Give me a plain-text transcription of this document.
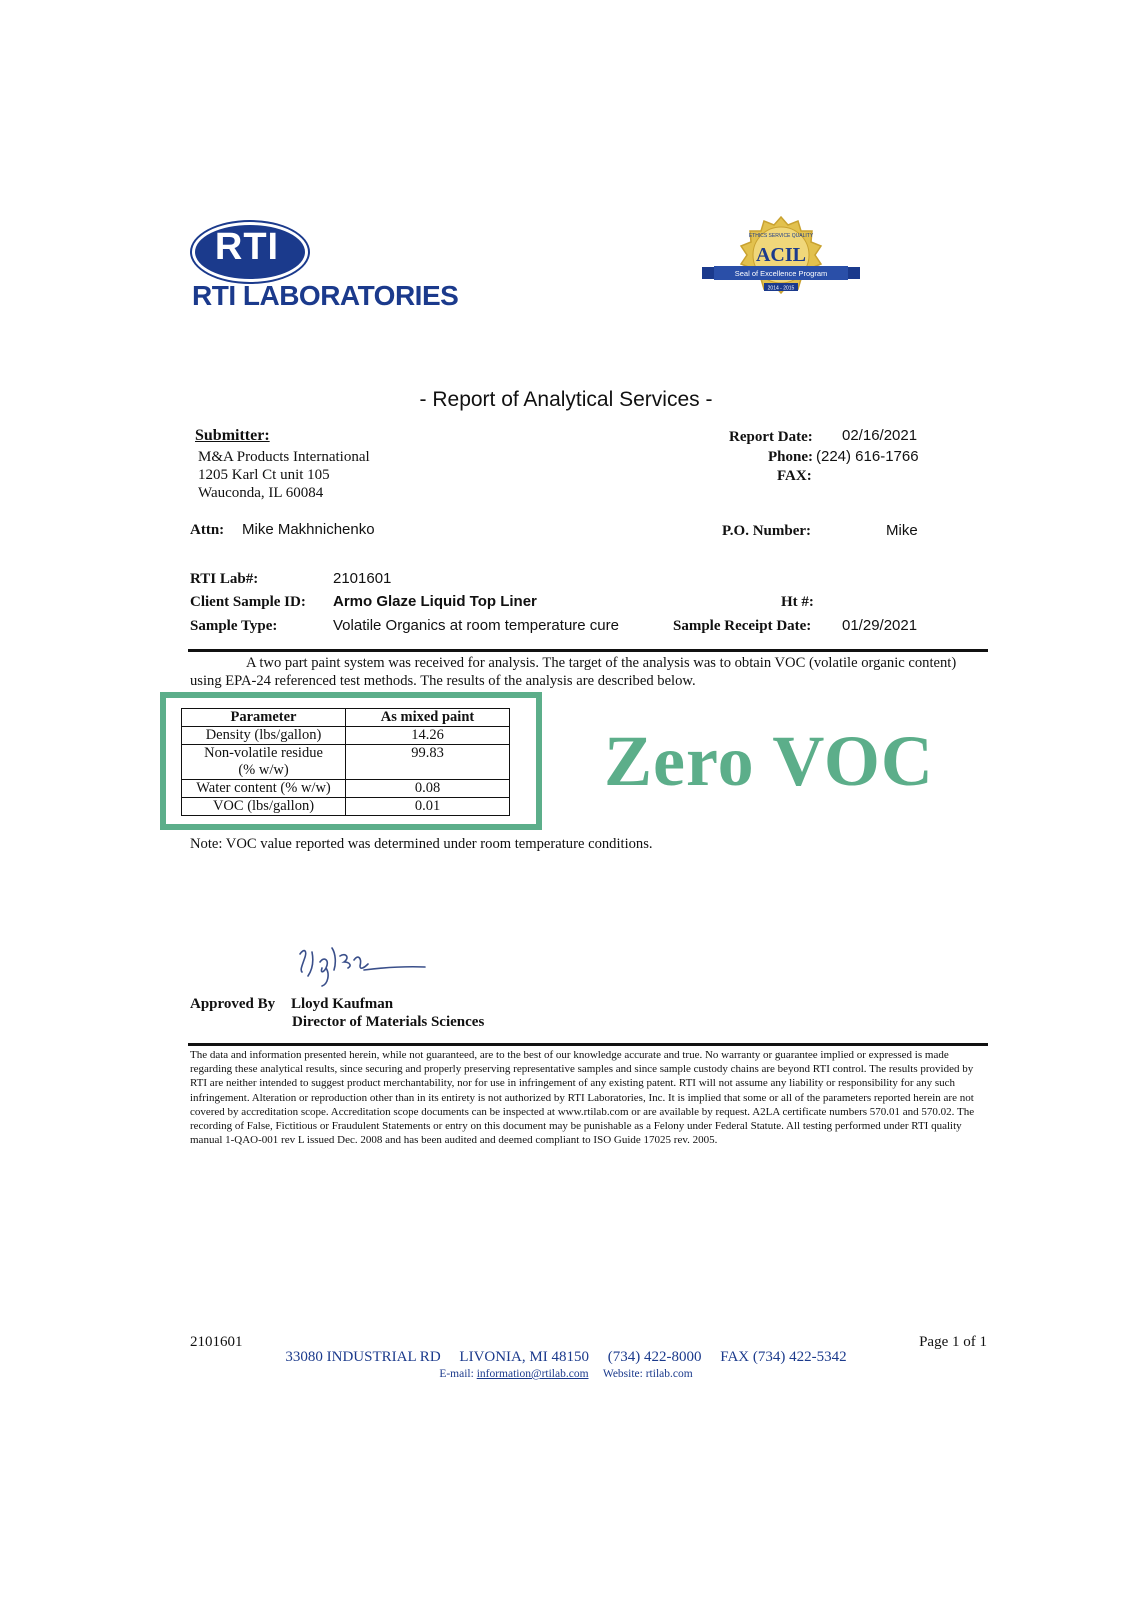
RTI
RTI LABORATORIES
ETHICS SERVICE QUALITY
ACIL
Seal of Excellence Program
2014 - 2015
- Report of Analytical Services -
Submitter:
M&A Products International
1205 Karl Ct unit 105
Wauconda, IL 60084
Report Date: 02/16/2021
Phone: (224) 616-1766
FAX:
Attn: Mike Makhnichenko	P.O. Number:	Mike
RTI Lab#:	2101601
Client Sample ID: Armo Glaze Liquid Top Liner
Sample Type:	Volatile Organics at room temperature cure
Ht #:
Sample Receipt Date: 01/29/2021
A two part paint system was received for analysis. The target of the analysis was to obtain VOC (volatile organic content) using EPA-24 referenced test methods. The results of the analysis are described below.
Parameter	As mixed paint
Density (lbs/gallon)	14.26
Non-volatile residue
(% w/w)	99.83
Water content (% w/w)	0.08
VOC (lbs/gallon)	0.01
Zero VOC
Note: VOC value reported was determined under room temperature conditions.
Approved By Lloyd Kaufman
Director of Materials Sciences
The data and information presented herein, while not guaranteed, are to the best of our knowledge accurate and true. No warranty or guarantee implied or expressed is made regarding these analytical results, since securing and properly preserving representative samples and since sample custody chains are beyond RTI control. The results provided by RTI are neither intended to suggest product merchantability, nor for use in infringement of any existing patent. RTI will not assume any liability or responsibility for any such infringement. Alteration or reproduction other than in its entirety is not authorized by RTI Laboratories, Inc. It is implied that some or all of the parameters reported herein are not covered by accreditation scope. Accreditation scope documents can be inspected at www.rtilab.com or are available by request. A2LA certificate numbers 570.01 and 570.02. The recording of False, Fictitious or Fraudulent Statements or entry on this document may be punishable as a Felony under Federal Statute. All testing performed under RTI quality manual 1-QAO-001 rev L issued Dec. 2008 and has been audited and deemed compliant to ISO Guide 17025 rev. 2005.
2101601	Page 1 of 1
33080 INDUSTRIAL RD LIVONIA, MI 48150 (734) 422-8000 FAX (734) 422-5342
E-mail: information@rtilab.com Website: rtilab.com
